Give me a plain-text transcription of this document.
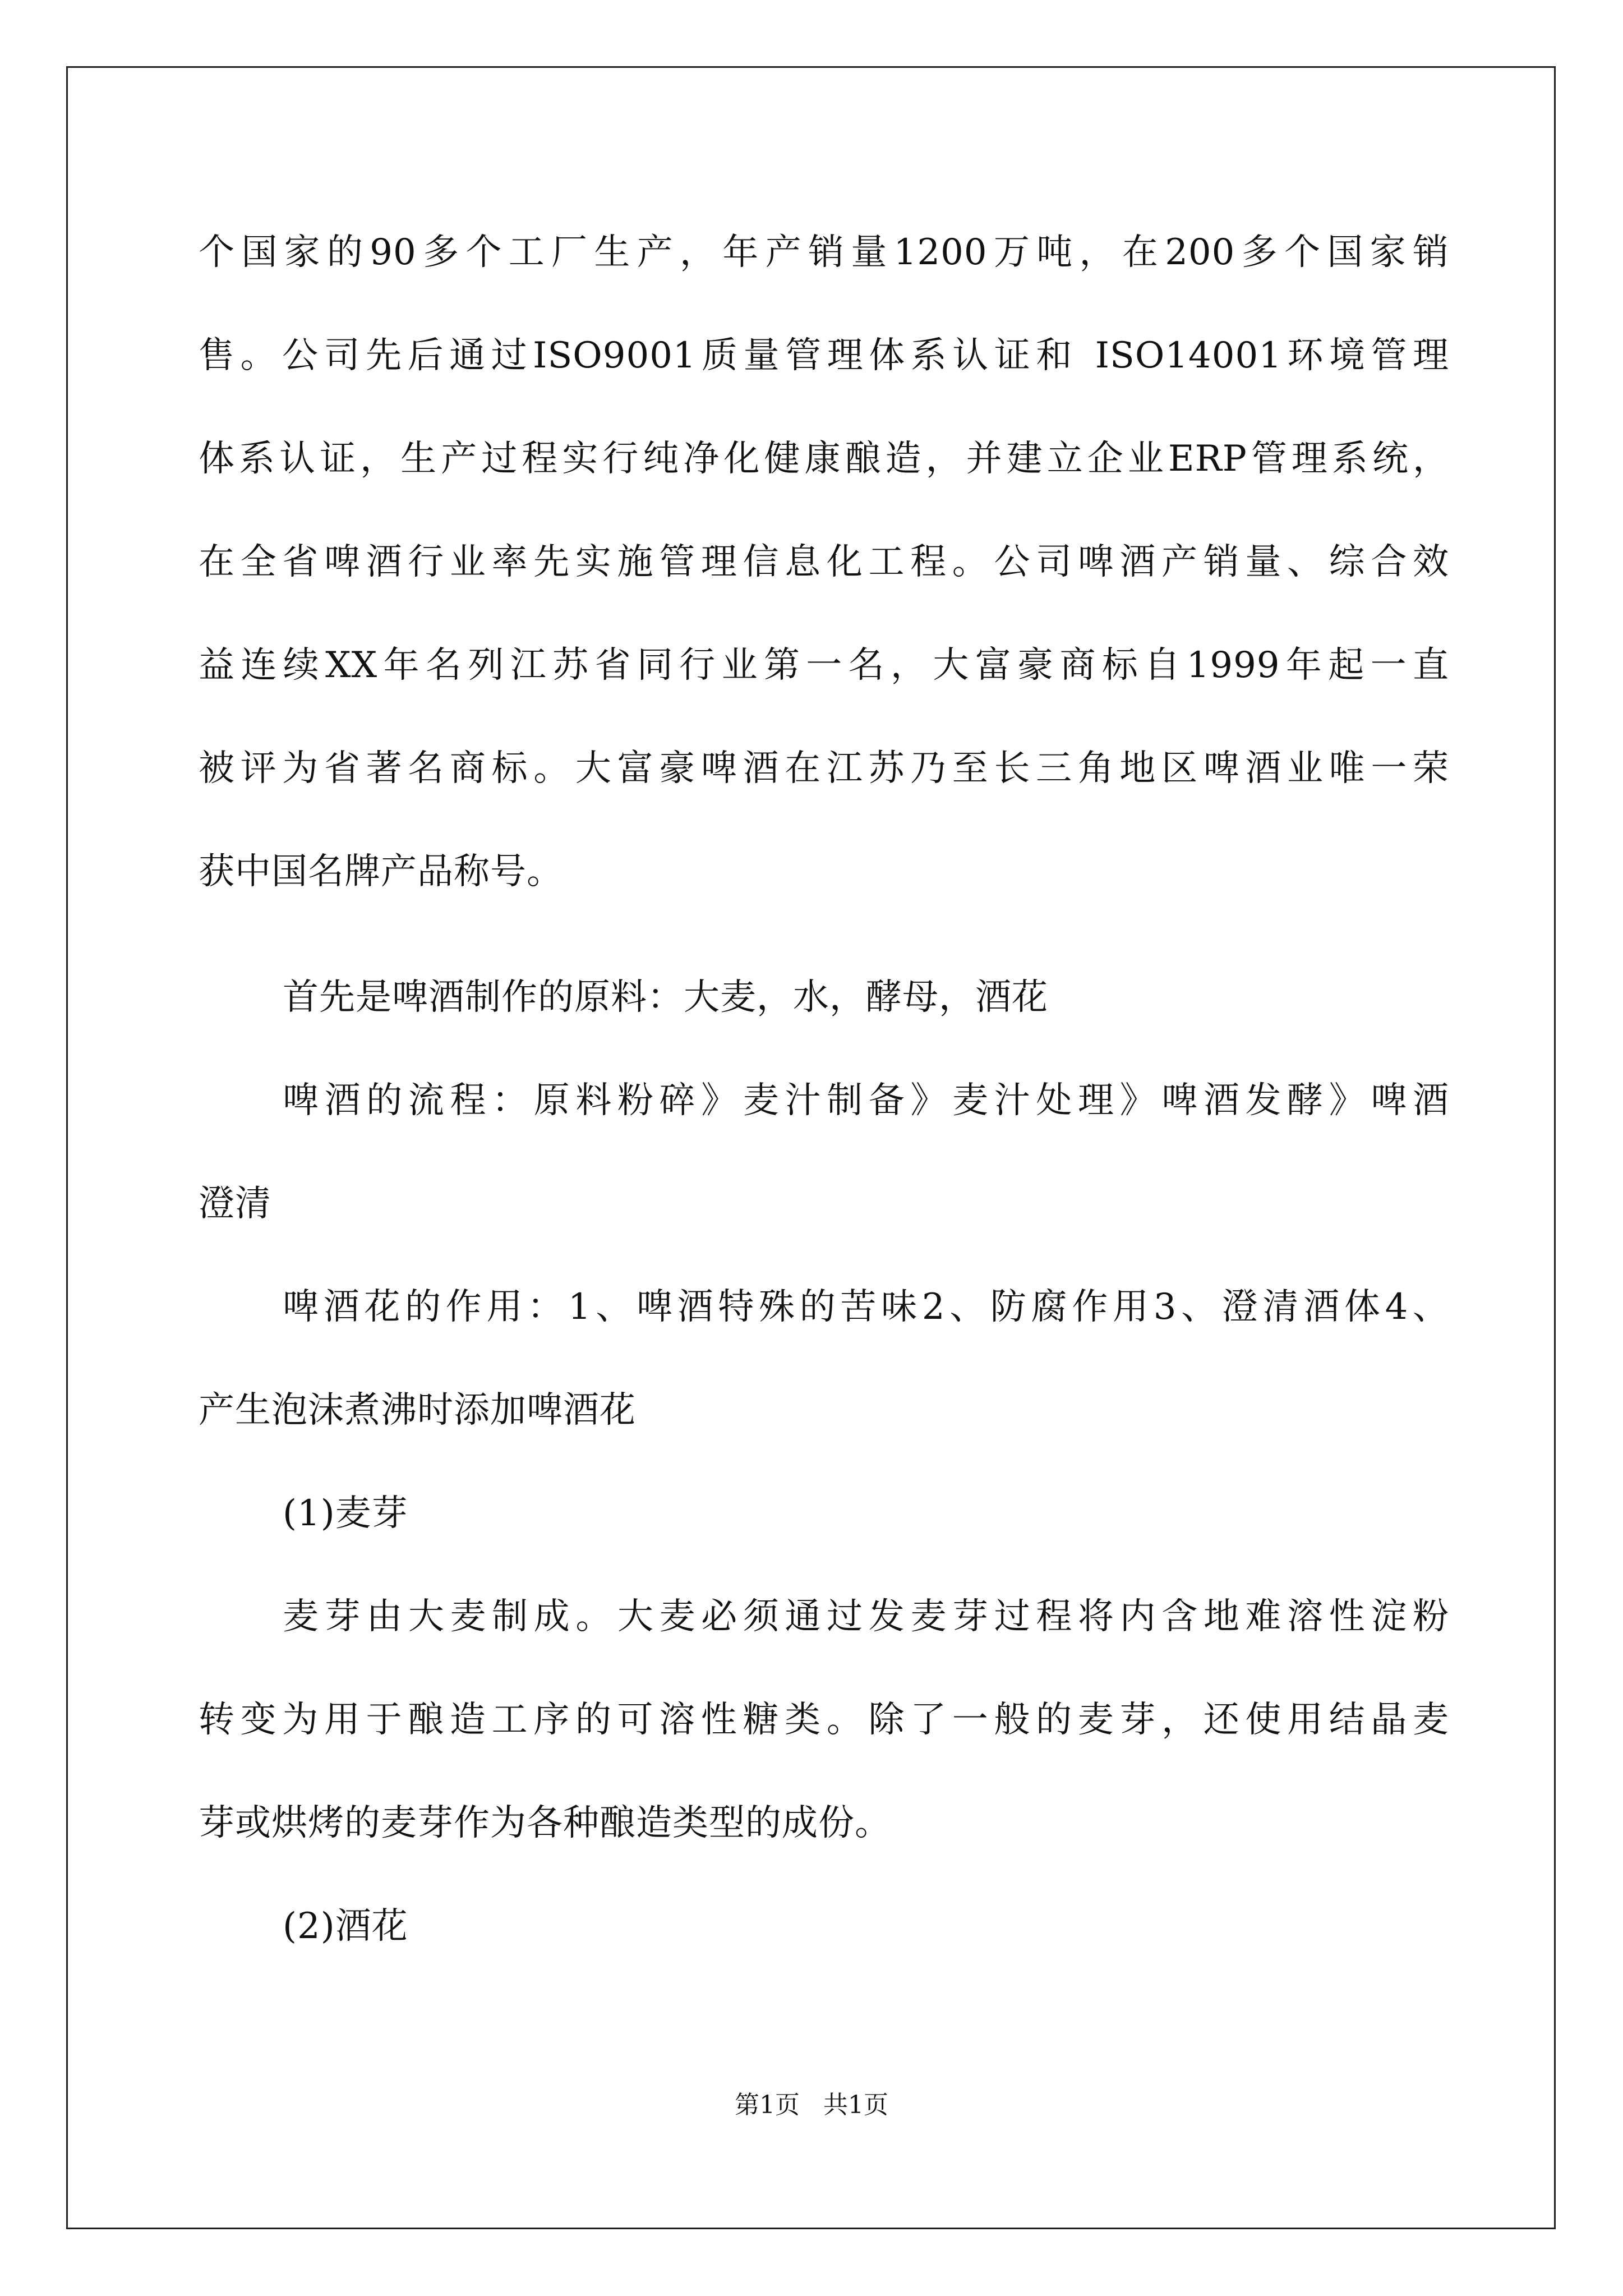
个国家的90多个工厂生产，年产销量1200万吨，在200多个国家销
售。公司先后通过ISO9001质量管理体系认证和 ISO14001环境管理
体系认证，生产过程实行纯净化健康酿造，并建立企业ERP管理系统，
在全省啤酒行业率先实施管理信息化工程。公司啤酒产销量、综合效
益连续XX年名列江苏省同行业第一名，大富豪商标自1999年起一直
被评为省著名商标。大富豪啤酒在江苏乃至长三角地区啤酒业唯一荣
获中国名牌产品称号。
首先是啤酒制作的原料：大麦，水，酵母，酒花
啤酒的流程：原料粉碎》麦汁制备》麦汁处理》啤酒发酵》啤酒
澄清
啤酒花的作用：1、啤酒特殊的苦味2、防腐作用3、澄清酒体4、
产生泡沫煮沸时添加啤酒花
(1)麦芽
麦芽由大麦制成。大麦必须通过发麦芽过程将内含地难溶性淀粉
转变为用于酿造工序的可溶性糖类。除了一般的麦芽，还使用结晶麦
芽或烘烤的麦芽作为各种酿造类型的成份。
(2)酒花
第1页   共1页
